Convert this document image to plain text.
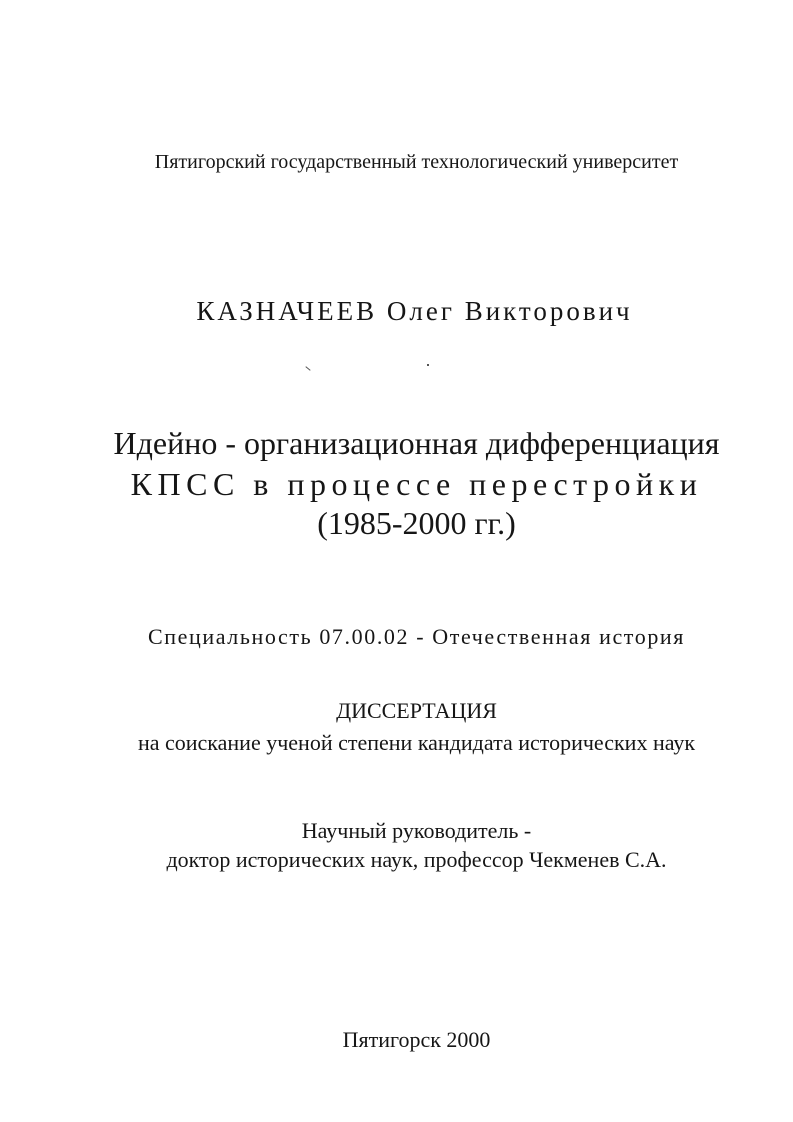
Пятигорский государственный технологический университет
КАЗНАЧЕЕВ Олег Викторович
Идейно - организационная дифференциация
КПСС в процессе перестройки
(1985-2000 гг.)
Специальность 07.00.02 - Отечественная история
ДИССЕРТАЦИЯ
на соискание ученой степени кандидата исторических наук
Научный руководитель -
доктор исторических наук, профессор Чекменев С.А.
Пятигорск 2000
